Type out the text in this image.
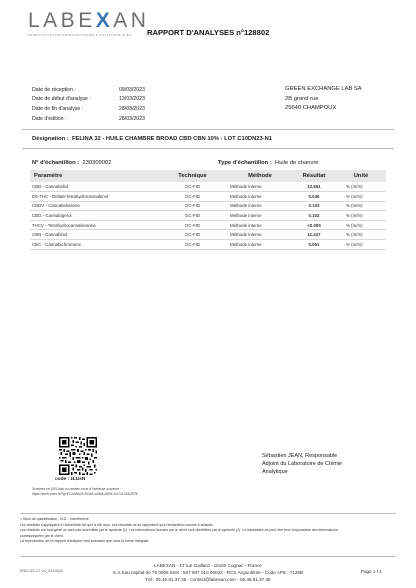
LABEXAN
PRODUITS PHYTOPHARMACEUTIQUES & PHYTOCHIMIQUES	RAPPORT D'ANALYSES n°128802
Date de réception :	09/03/2023
Date de début d'analyse :	13/03/2023
Date de fin d'analyse :	28/03/2023
Date d'édition :	28/03/2023
GREEN EXCHANGE LAB SA
2B grand rue
25640 CHAMPOUX
Désignation : FELINA 32 - HUILE CHAMBRE BROAD CBD CBN 10% - LOT C10DN23-N1
N° d'échantillon : 230309002	Type d'échantillon : Huile de chanvre
Paramètre	Technique	Méthode	Résultat	Unité
CBD - Cannabidiol	GC-FID	Méthode interne	12.651	% (m/m)
D9-THC - Delta9-Tetrahydrocannabinol	GC-FID	Méthode interne	0.036	% (m/m)
CBDV - Cannabidivarine	GC-FID	Méthode interne	0.103	% (m/m)
CBG - Cannabigerol	GC-FID	Méthode interne	0.102	% (m/m)
THCV - Tetrahydrocannabivarine	GC-FID	Méthode interne	<0.005	% (m/m)
CBN - Cannabinol	GC-FID	Méthode interne	11.447	% (m/m)
CBC - Cannabichromene	GC-FID	Méthode interne	0.051	% (m/m)
Sébastien JEAN, Responsable
Adjoint du Laboratoire de Chimie
Analytique
code : zLUsN
Scannez ce QRCode ou rendez-vous à l'adresse suivante :
https://auth.ewro.fr/?g=ECA68A28-EDA5-4ADA-A836-52C1124A2FDE
< Seuil de quantification , N.D. : Interférence
Les résultats s'appliquent à l'échantillon tel qu'il a été reçu. Les résultats ne se rapportent qu'à l'échantillon soumis à analyse.
Les résultats sur fond grisé ne sont pas accrédités par le symbole (1). Les informations fournies par le client sont identifiées par le symbole (2). Le laboratoire ne peut être tenu responsable des informations
communiquées par le client.
La reproduction de ce rapport d'analyse n'est autorisée que sous la forme intégrale.
LABEXAN - 17 rue Gaillard - 16100 Cognac - France
S.A.Sau capital de 75 000€ Siret : 527 807 010 00022 - RCS Angoulême - Code APE : 7120B
Tél : 05.45.81.37.35 - contact@labexan.com - 05.45.81.37.35
ENG-DS-27 V4_31/03/20	Page 1 / 1
